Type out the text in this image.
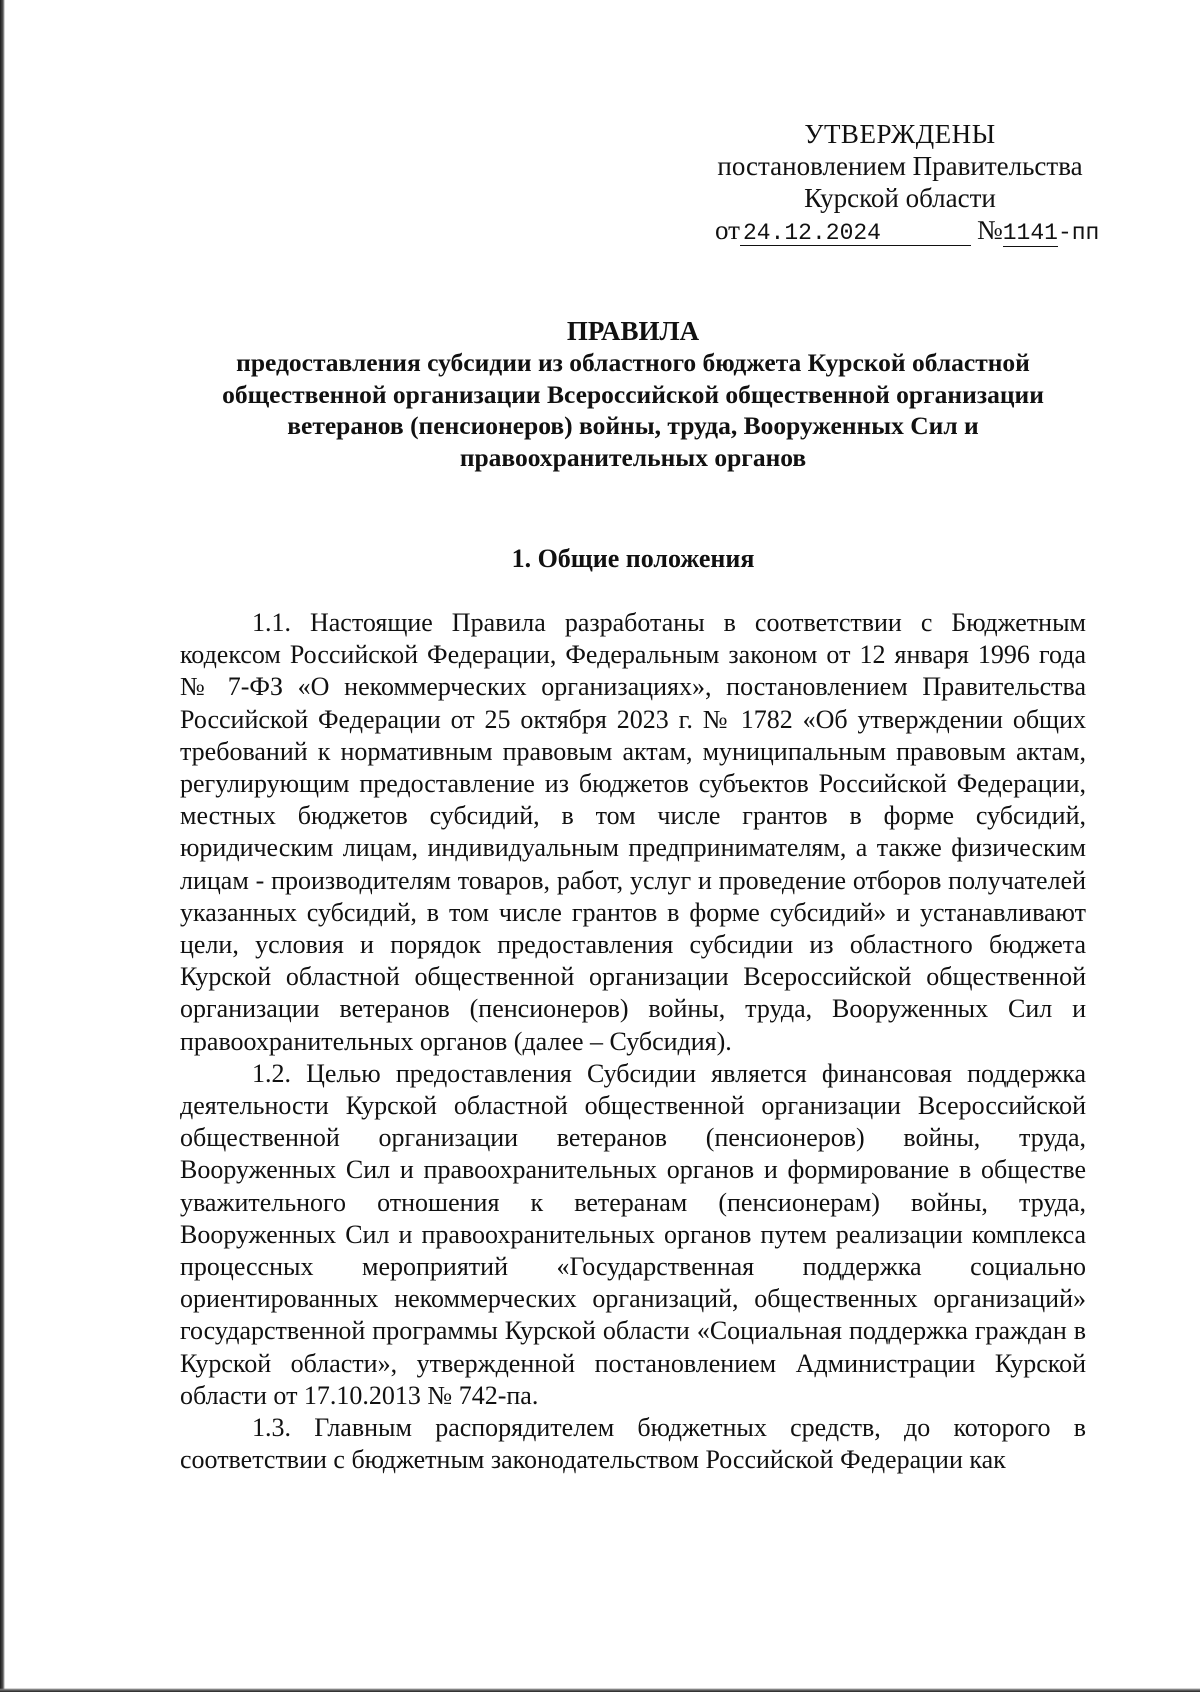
УТВЕРЖДЕНЫ
постановлением Правительства
Курской области
от 24.12.2024	№1141-пп
ПРАВИЛА
предоставления субсидии из областного бюджета Курской областной общественной организации Всероссийской общественной организации ветеранов (пенсионеров) войны, труда, Вооруженных Сил и правоохранительных органов
1. Общие положения

1.1. Настоящие Правила разработаны в соответствии с Бюджетным кодексом Российской Федерации, Федеральным законом от 12 января 1996 года № 7-ФЗ «О некоммерческих организациях», постановлением Правительства Российской Федерации от 25 октября 2023 г. № 1782 «Об утверждении общих требований к нормативным правовым актам, муниципальным правовым актам, регулирующим предоставление из бюджетов субъектов Российской Федерации, местных бюджетов субсидий, в том числе грантов в форме субсидий, юридическим лицам, индивидуальным предпринимателям, а также физическим лицам - производителям товаров, работ, услуг и проведение отборов получателей указанных субсидий, в том числе грантов в форме субсидий» и устанавливают цели, условия и порядок предоставления субсидии из областного бюджета Курской областной общественной организации Всероссийской общественной организации ветеранов (пенсионеров) войны, труда, Вооруженных Сил и правоохранительных органов (далее – Субсидия).

1.2. Целью предоставления Субсидии является финансовая поддержка деятельности Курской областной общественной организации Всероссийской общественной организации ветеранов (пенсионеров) войны, труда, Вооруженных Сил и правоохранительных органов и формирование в обществе уважительного отношения к ветеранам (пенсионерам) войны, труда, Вооруженных Сил и правоохранительных органов путем реализации комплекса процессных мероприятий «Государственная поддержка социально ориентированных некоммерческих организаций, общественных организаций» государственной программы Курской области «Социальная поддержка граждан в Курской области», утвержденной постановлением Администрации Курской области от 17.10.2013 № 742-па.

1.3. Главным распорядителем бюджетных средств, до которого в соответствии с бюджетным законодательством Российской Федерации как
